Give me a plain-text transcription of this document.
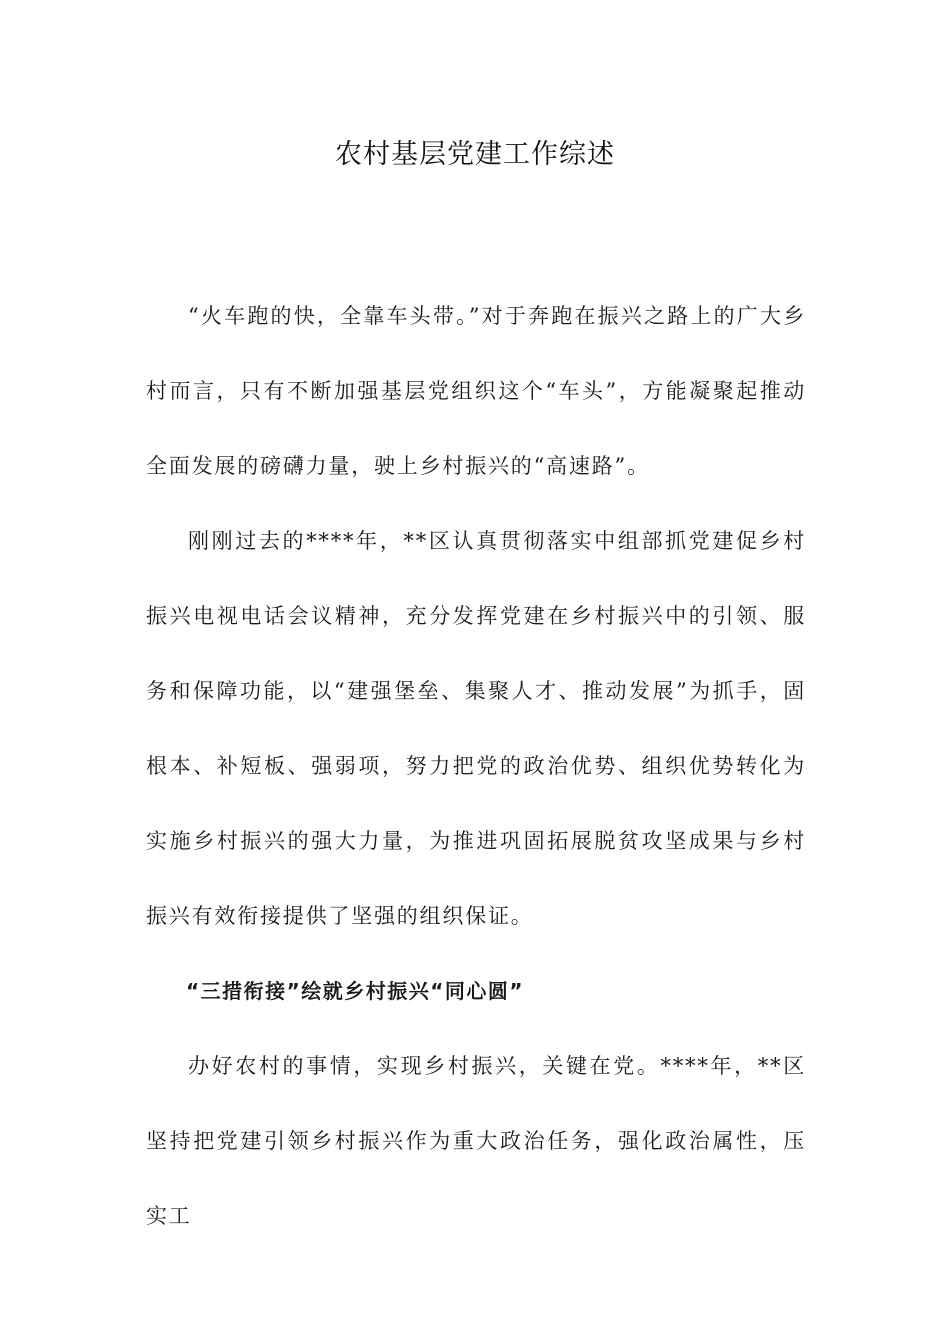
农村基层党建工作综述

“火车跑的快，全靠车头带。”对于奔跑在振兴之路上的广大乡村而言，只有不断加强基层党组织这个“车头”，方能凝聚起推动全面发展的磅礴力量，驶上乡村振兴的“高速路”。

刚刚过去的****年，**区认真贯彻落实中组部抓党建促乡村振兴电视电话会议精神，充分发挥党建在乡村振兴中的引领、服务和保障功能，以“建强堡垒、集聚人才、推动发展”为抓手，固根本、补短板、强弱项，努力把党的政治优势、组织优势转化为实施乡村振兴的强大力量，为推进巩固拓展脱贫攻坚成果与乡村振兴有效衔接提供了坚强的组织保证。

“三措衔接”绘就乡村振兴“同心圆”

办好农村的事情，实现乡村振兴，关键在党。****年，**区坚持把党建引领乡村振兴作为重大政治任务，强化政治属性，压实工
